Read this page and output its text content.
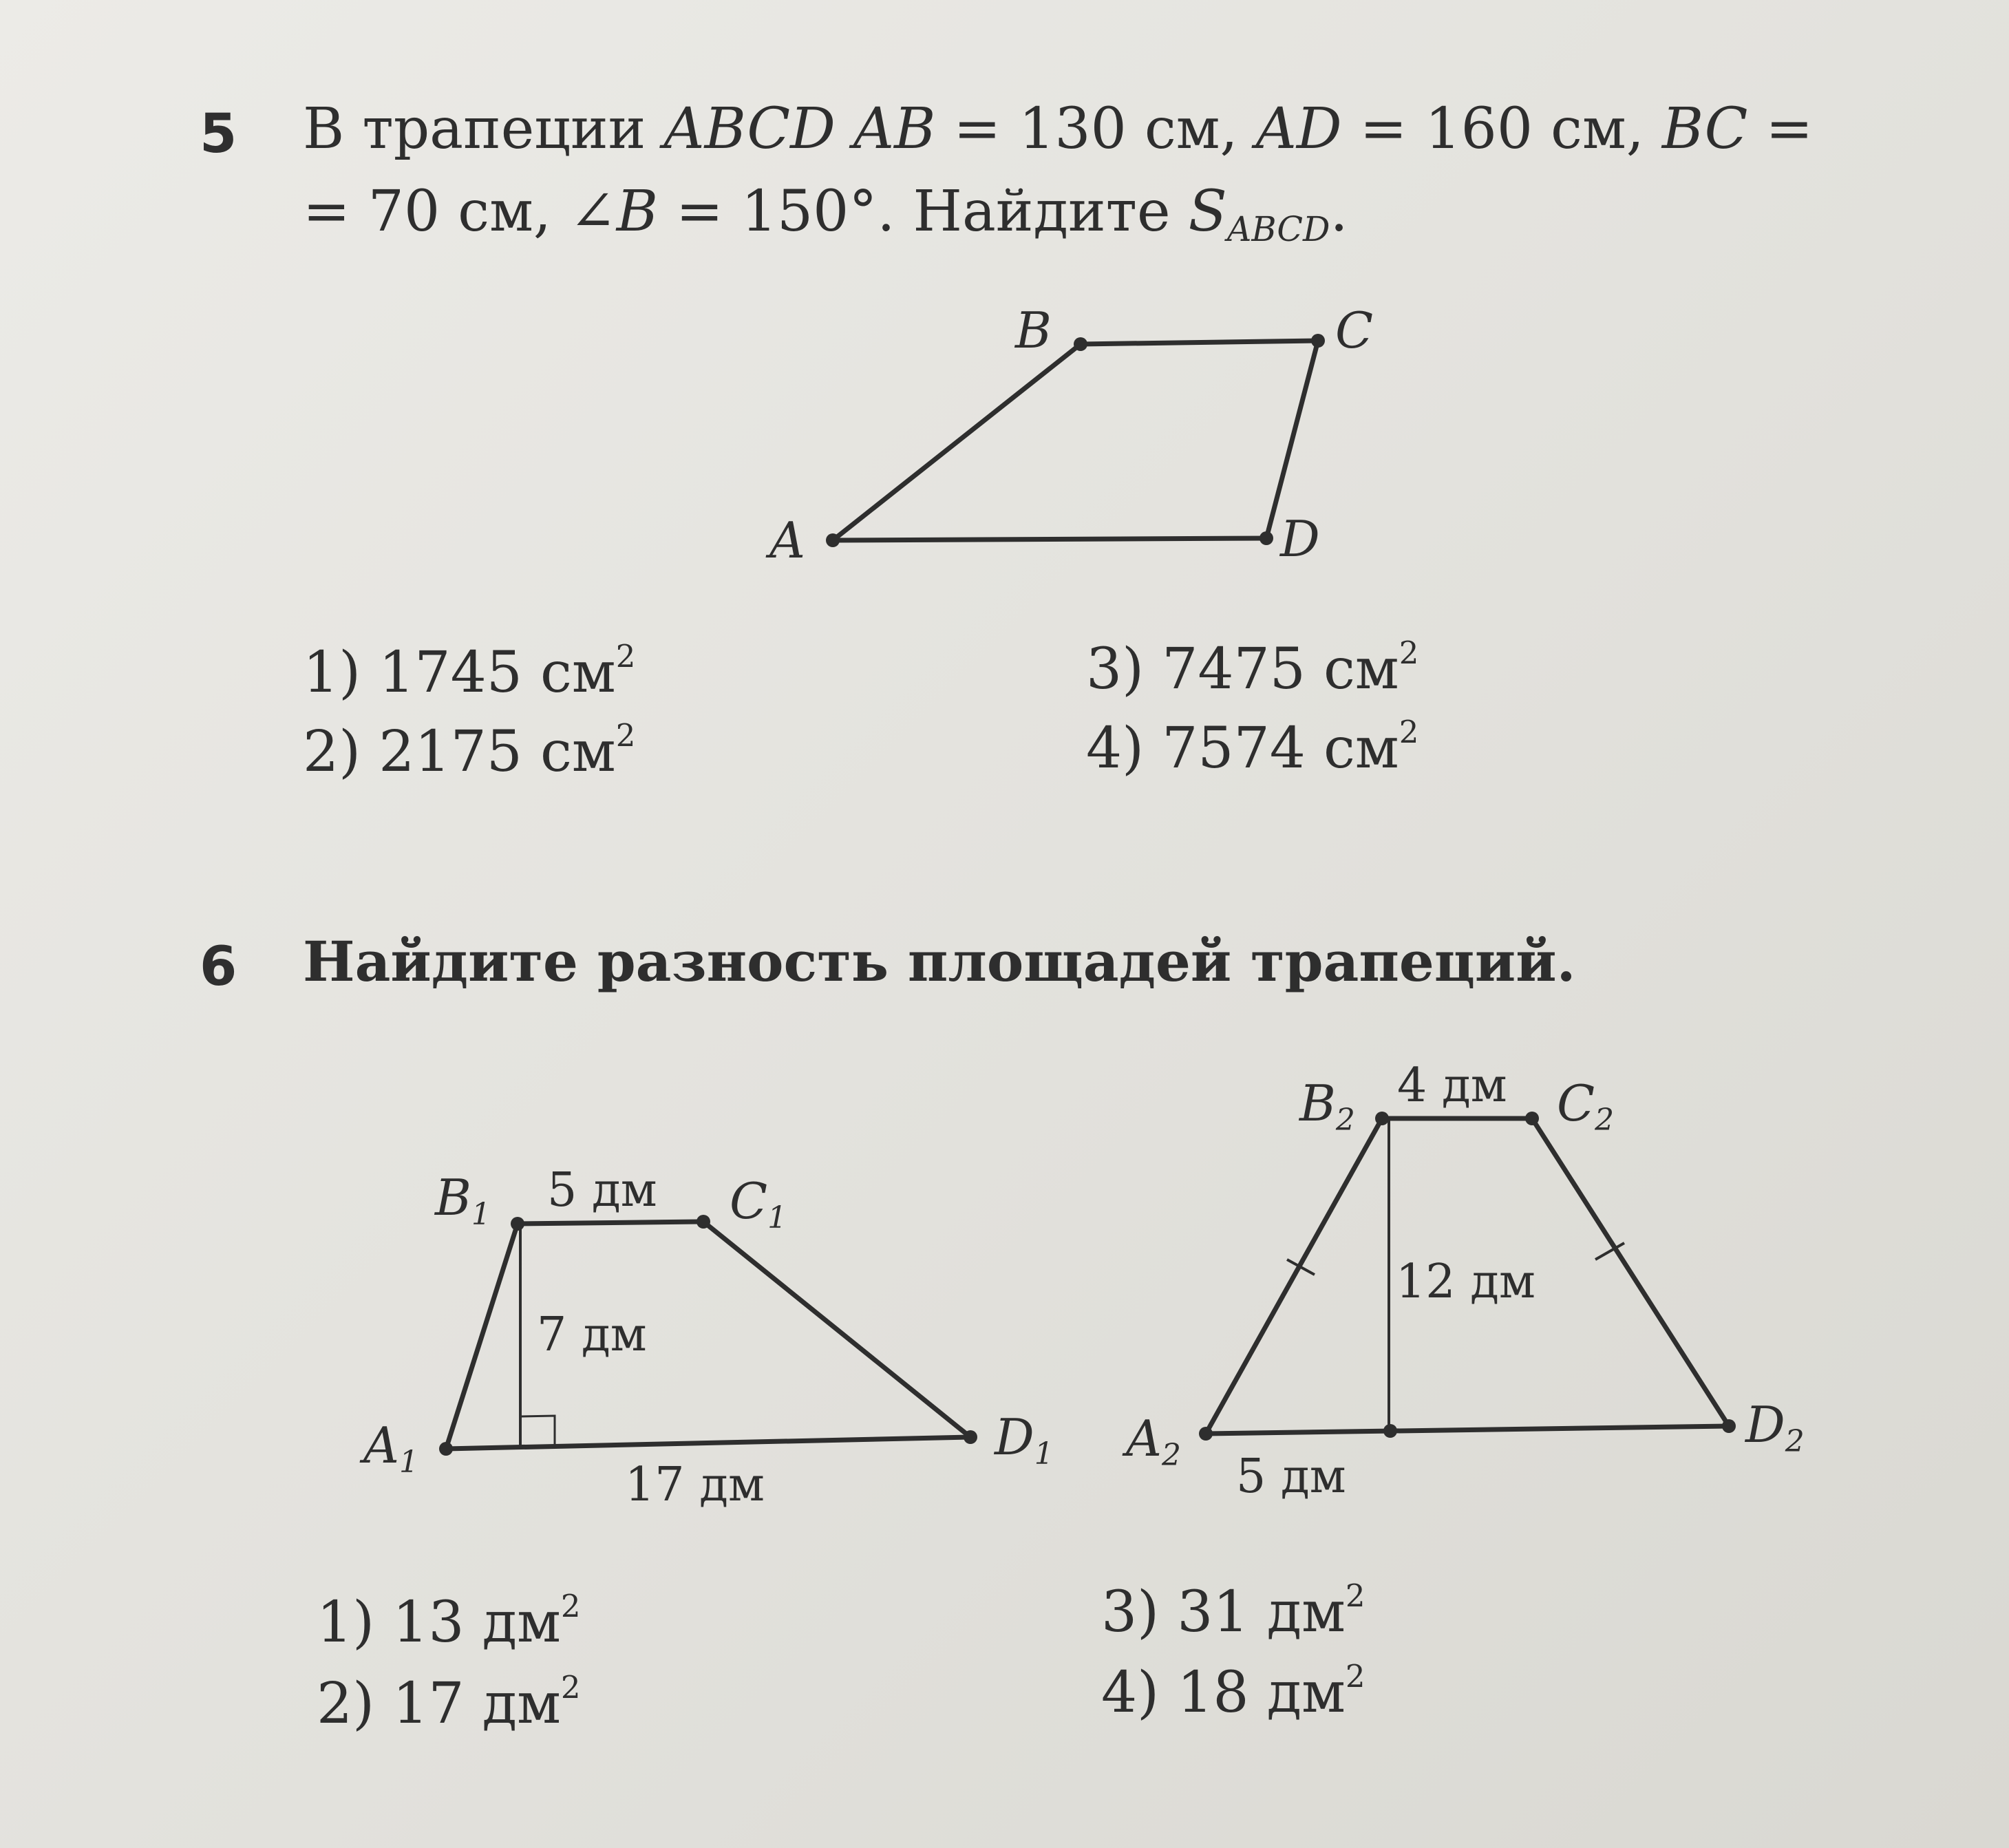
5 В трапеции ABCD AB = 130 см, AD = 160 см, BC =
= 70 см, ∠B = 150°. Найдите $S_{ABCD}$.
A
B	C
D
A1
B1	C1
D1
5 дм
7 дм
17 дм
A2
B2	C2
D2
4 дм
12 дм
5 дм
1) 1745 $см^2$
2) 2175 $см^2$
3) 7475 $см^2$
4) 7574 $см^2$
6 Найдите разность площадей трапеций.
1) 13 $дм^2$
2) 17 $дм^2$
3) 31 $дм^2$
4) 18 $дм^2$
